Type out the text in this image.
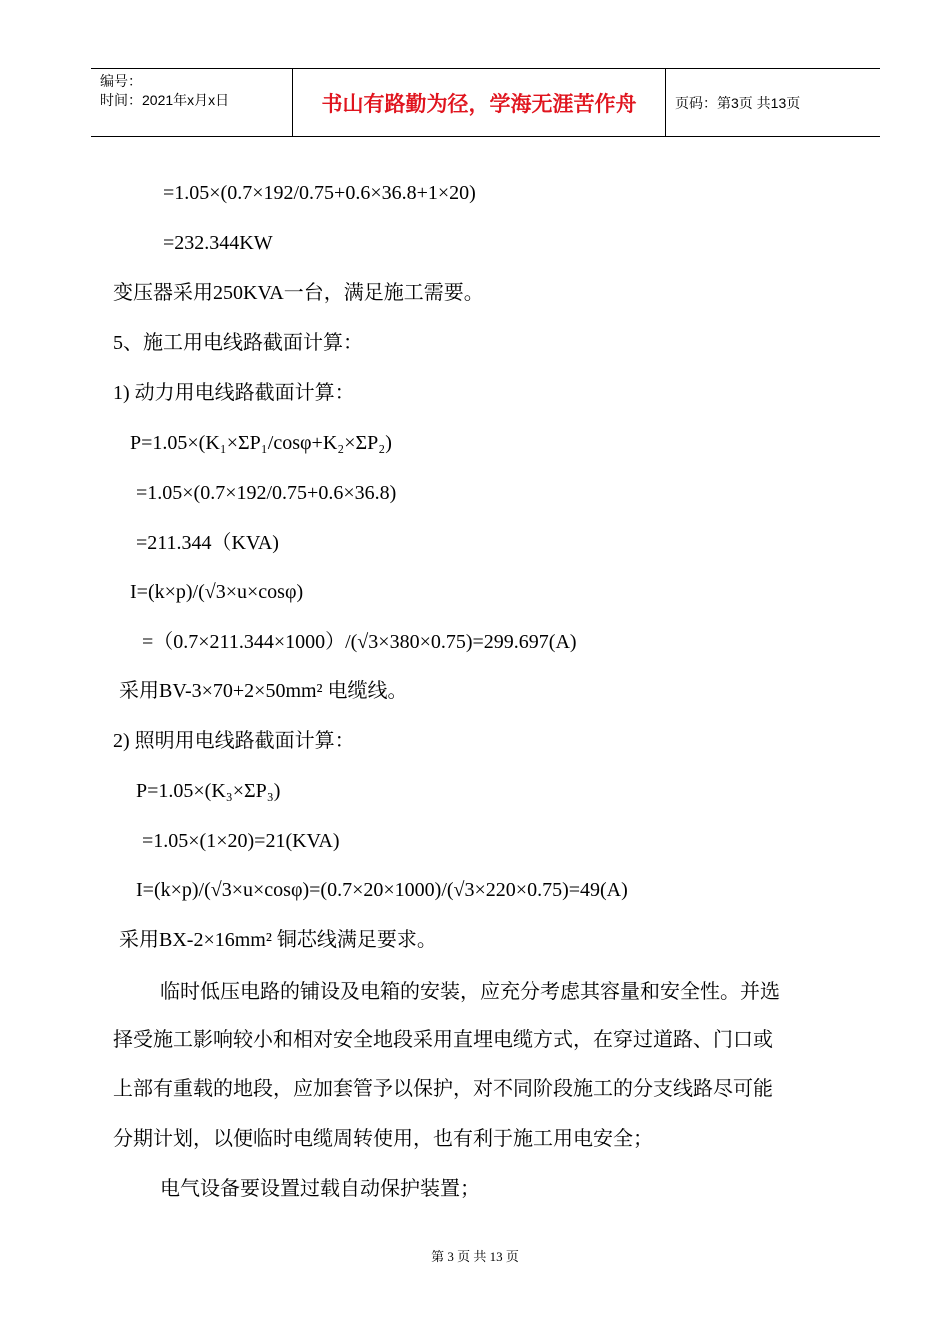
编号：
时间：2021年x月x日	书山有路勤为径，学海无涯苦作舟	页码：第3页 共13页
=1.05×(0.7×192/0.75+0.6×36.8+1×20)
=232.344KW
变压器采用250KVA一台，满足施工需要。
5、施工用电线路截面计算：
1) 动力用电线路截面计算：
P=1.05×(K₁×ΣP₁/cosφ+K₂×ΣP₂)
=1.05×(0.7×192/0.75+0.6×36.8)
=211.344（KVA)
I=(k×p)/(√3×u×cosφ)
=（0.7×211.344×1000）/(√3×380×0.75)=299.697(A)
采用BV-3×70+2×50mm² 电缆线。
2) 照明用电线路截面计算：
P=1.05×(K₃×ΣP₃)
=1.05×(1×20)=21(KVA)
I=(k×p)/(√3×u×cosφ)=(0.7×20×1000)/(√3×220×0.75)=49(A)
采用BX-2×16mm² 铜芯线满足要求。
临时低压电路的铺设及电箱的安装，应充分考虑其容量和安全性。并选
择受施工影响较小和相对安全地段采用直埋电缆方式，在穿过道路、门口或
上部有重载的地段，应加套管予以保护，对不同阶段施工的分支线路尽可能
分期计划，以便临时电缆周转使用，也有利于施工用电安全；
电气设备要设置过载自动保护装置；
第 3 页 共 13 页
